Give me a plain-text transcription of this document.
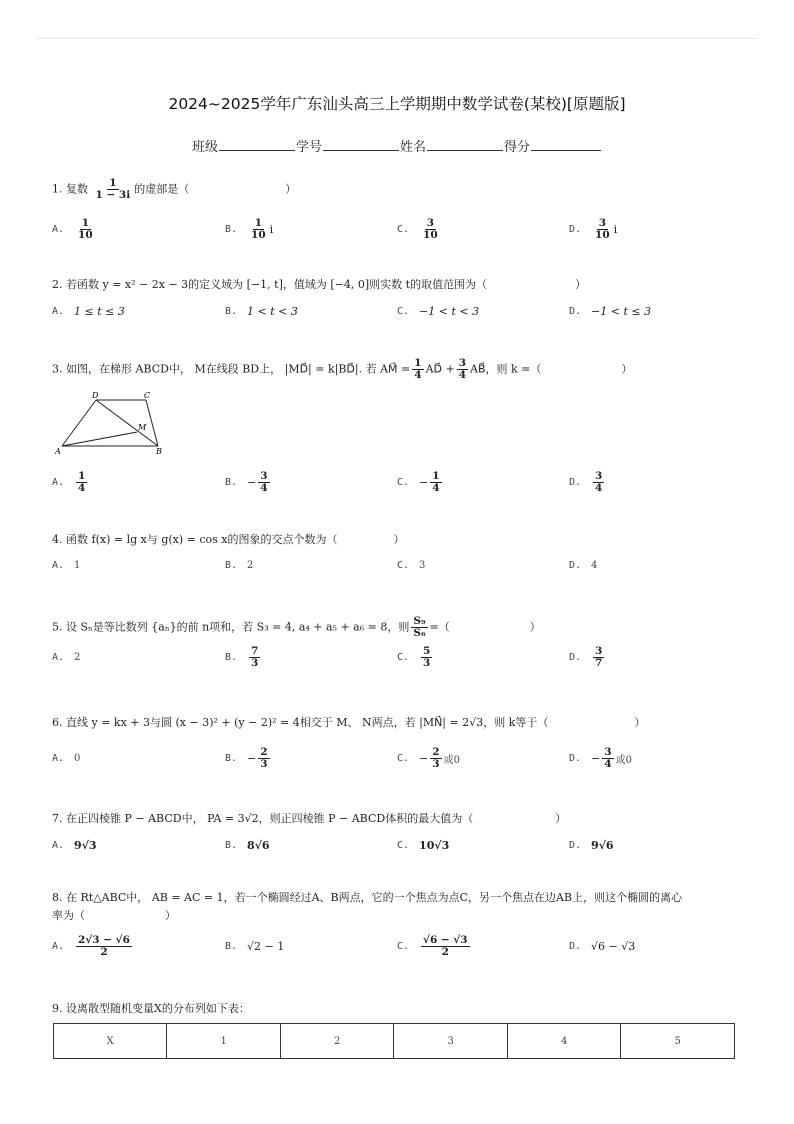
2024~2025学年广东汕头高三上学期期中数学试卷(某校)[原题版]
班级	学号	姓名	得分
1. 复数 $\frac{1}{1 - 3i}$ 的虚部是（	）
A. $\frac{1}{10}$	B. $\frac{1}{10}$ i	C. $\frac{3}{10}$	D. $\frac{3}{10}$ i
2. 若函数 y = x² − 2x − 3的定义域为 [−1, t]，值域为 [−4, 0]则实数 t的取值范围为（	）
A. 1 ≤ t ≤ 3	B. 1 < t < 3	C. −1 < t < 3	D. −1 < t ≤ 3
3. 如图，在梯形 ABCD中， M在线段 BD上， |MD⃗| = k|BD⃗|. 若 AM⃗ = $\frac{1}{4}$ AD⃗ + $\frac{3}{4}$ AB⃗，则 k =（	）
D	C
M
A	B
A. $\frac{1}{4}$	B. − $\frac{3}{4}$	C. − $\frac{1}{4}$	D. $\frac{3}{4}$
4. 函数 f(x) = lg x与 g(x) = cos x的图象的交点个数为（	）
A. 1	B. 2	C. 3	D. 4
5. 设 Sₙ是等比数列 {aₙ}的前 n项和，若 S₃ = 4, a₄ + a₅ + a₆ = 8，则 $\frac{\text{S₉}}{\text{S₆}}$ =（	）
A. 2	B. $\frac{7}{3}$	C. $\frac{5}{3}$	D. $\frac{3}{7}$
6. 直线 y = kx + 3与圆 (x − 3)² + (y − 2)² = 4相交于 M、 N两点，若 |MN⃗| = 2√3，则 k等于（	）
A. 0	B. − $\frac{2}{3}$	C. − $\frac{2}{3}$ 或0	D. − $\frac{3}{4}$ 或0
7. 在正四棱锥 P − ABCD中， PA = 3√2，则正四棱锥 P − ABCD体积的最大值为（	）
A. 9√3	B. 8√6	C. 10√3	D. 9√6
8. 在 Rt△ABC中， AB = AC = 1，若一个椭圆经过A、B两点，它的一个焦点为点C，另一个焦点在边AB上，则这个椭圆的离心
率为（	）
A. $\frac{2√3 - √6}{2}$	B. √2 − 1	C. $\frac{√6 - √3}{2}$	D. √6 − √3
9. 设离散型随机变量X的分布列如下表：
X	1	2	3	4	5
